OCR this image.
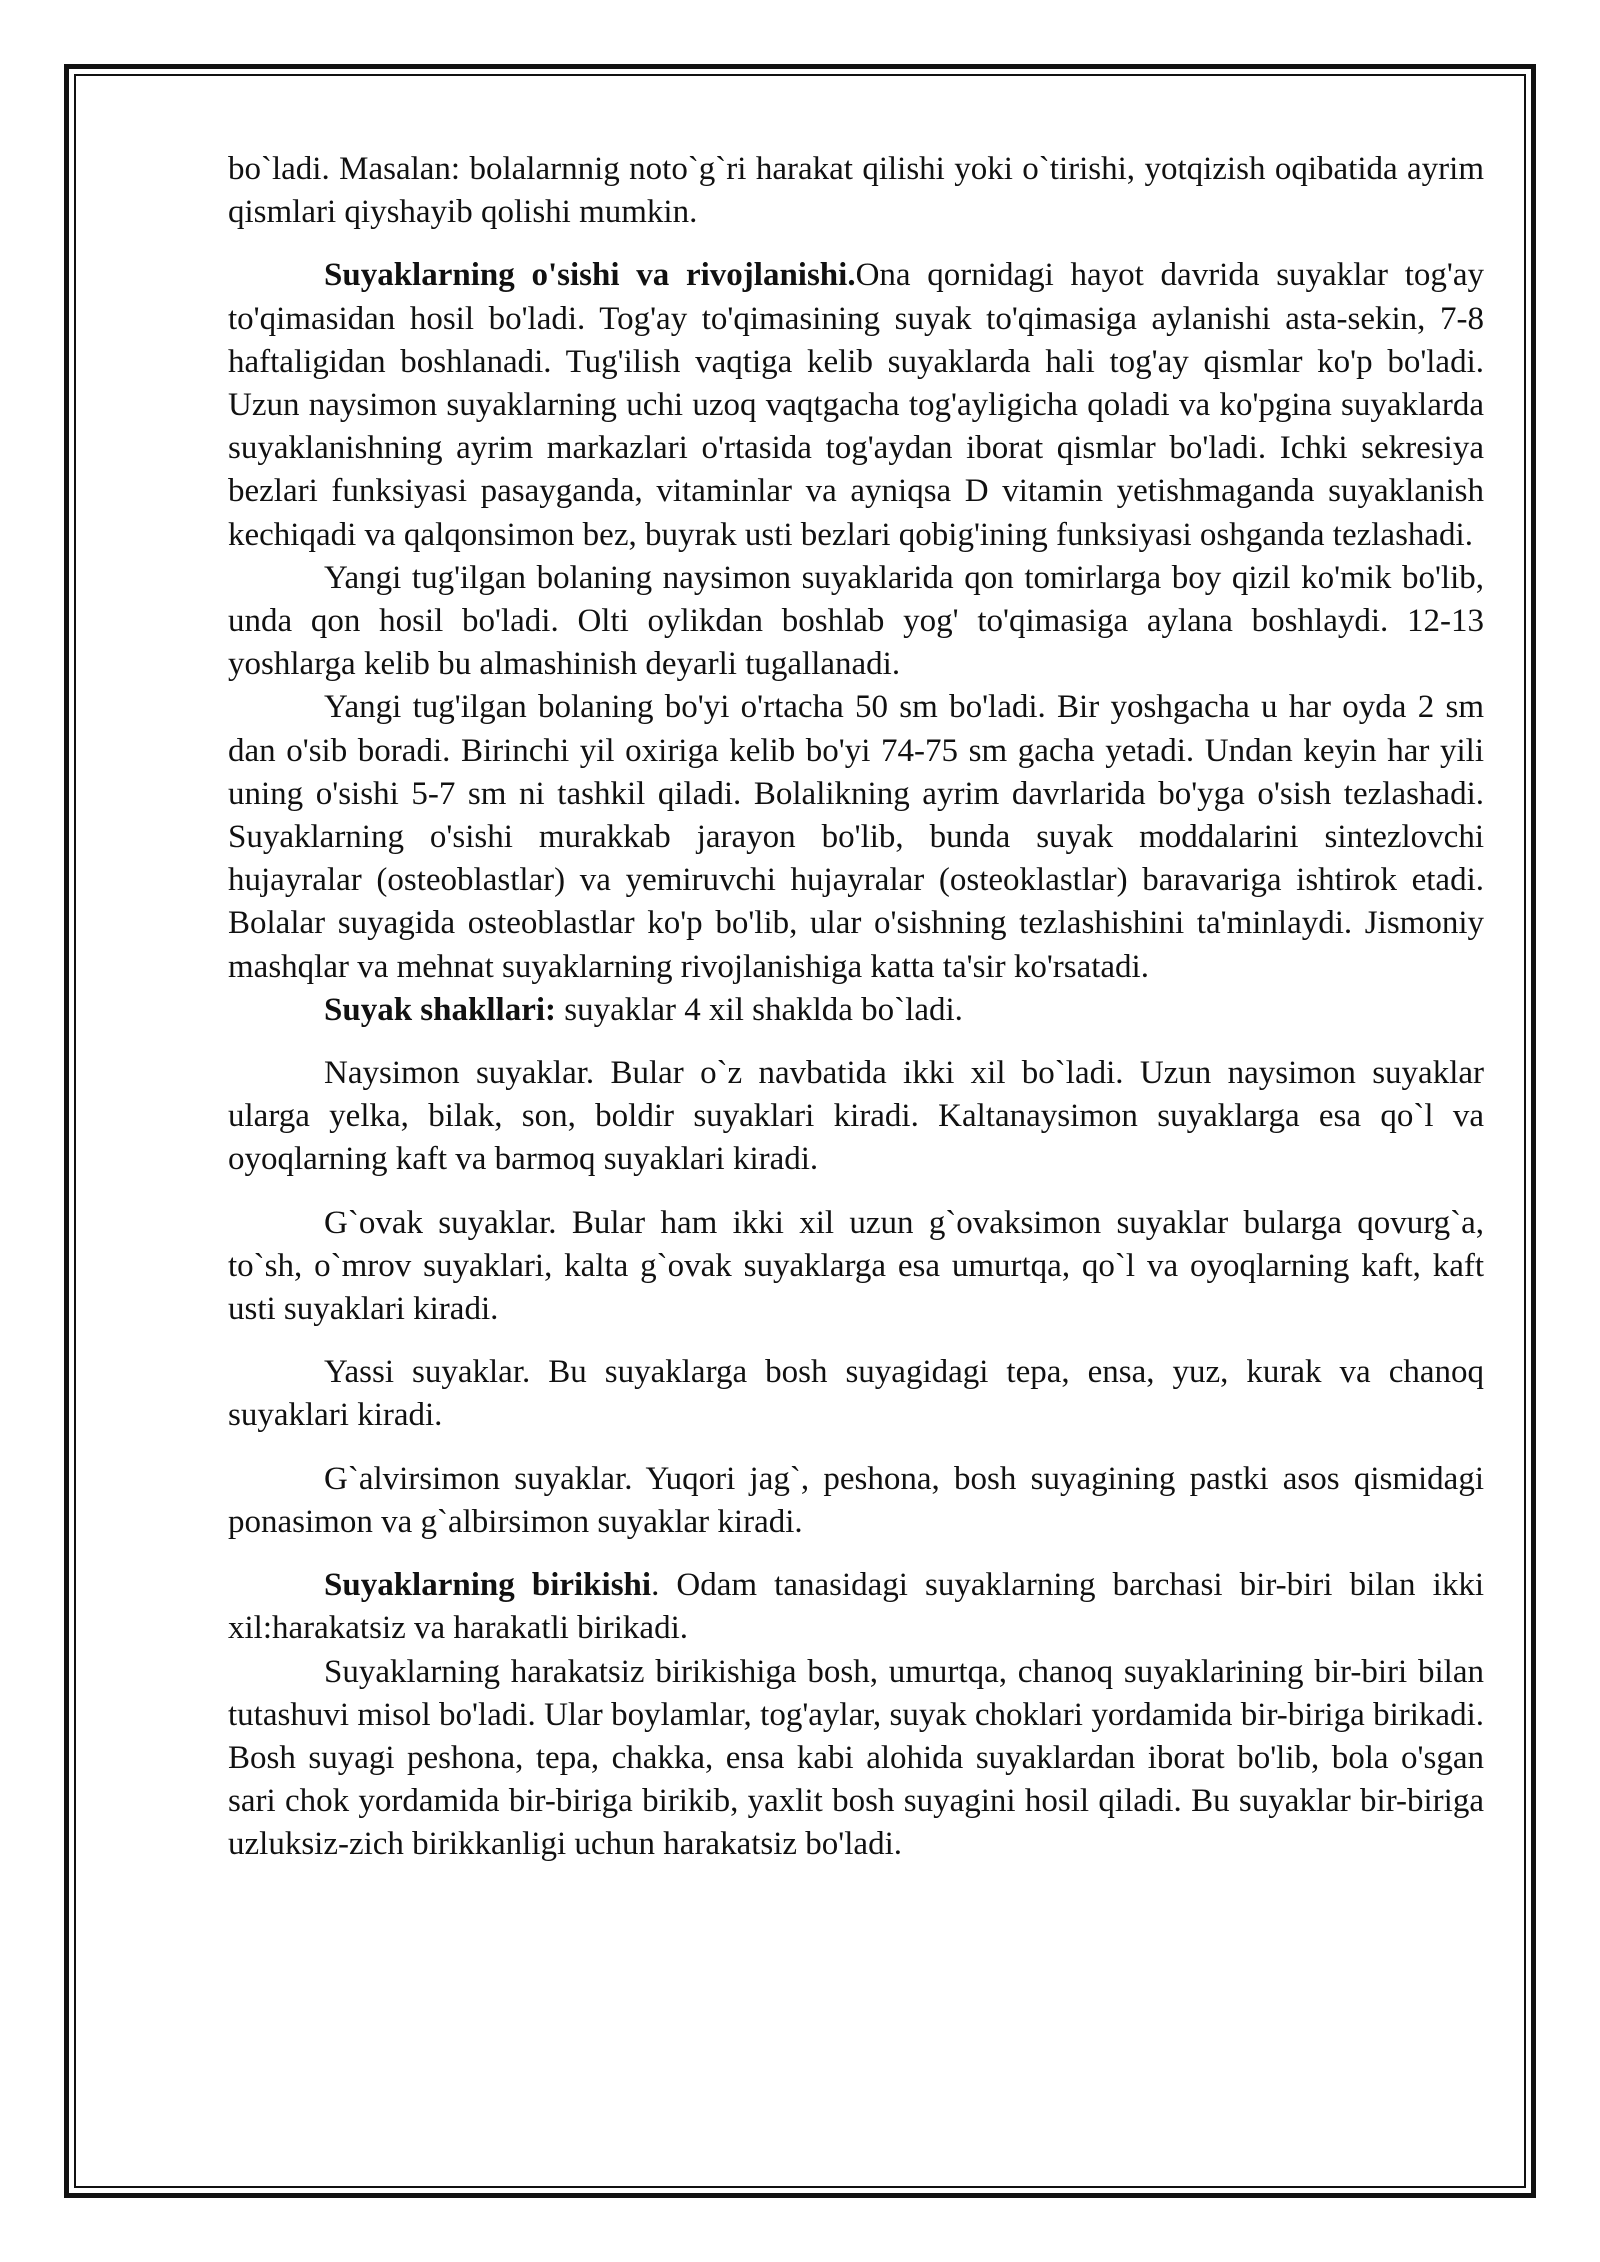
bo`ladi. Masalan: bolalarnnig noto`g`ri harakat qilishi yoki o`tirishi, yotqizish oqibatida ayrim qismlari qiyshayib qolishi mumkin.

Suyaklarning o'sishi va rivojlanishi.Ona qornidagi hayot davrida suyaklar tog'ay to'qimasidan hosil bo'ladi. Tog'ay to'qimasining suyak to'qimasiga aylanishi asta-sekin, 7-8 haftaligidan boshlanadi. Tug'ilish vaqtiga kelib suyaklarda hali tog'ay qismlar ko'p bo'ladi. Uzun naysimon suyaklarning uchi uzoq vaqtgacha tog'ayligicha qoladi va ko'pgina suyaklarda suyaklanishning ayrim markazlari o'rtasida tog'aydan iborat qismlar bo'ladi. Ichki sekresiya bezlari funksiyasi pasayganda, vitaminlar va ayniqsa D vitamin yetishmaganda suyaklanish kechiqadi va qalqonsimon bez, buyrak usti bezlari qobig'ining funksiyasi oshganda tezlashadi.

Yangi tug'ilgan bolaning naysimon suyaklarida qon tomirlarga boy qizil ko'mik bo'lib, unda qon hosil bo'ladi. Olti oylikdan boshlab yog' to'qimasiga aylana boshlaydi. 12-13 yoshlarga kelib bu almashinish deyarli tugallanadi.

Yangi tug'ilgan bolaning bo'yi o'rtacha 50 sm bo'ladi. Bir yoshgacha u har oyda 2 sm dan o'sib boradi. Birinchi yil oxiriga kelib bo'yi 74-75 sm gacha yetadi. Undan keyin har yili uning o'sishi 5-7 sm ni tashkil qiladi. Bolalikning ayrim davrlarida bo'yga o'sish tezlashadi. Suyaklarning o'sishi murakkab jarayon bo'lib, bunda suyak moddalarini sintezlovchi hujayralar (osteoblastlar) va yemiruvchi hujayralar (osteoklastlar) baravariga ishtirok etadi. Bolalar suyagida osteoblastlar ko'p bo'lib, ular o'sishning tezlashishini ta'minlaydi. Jismoniy mashqlar va mehnat suyaklarning rivojlanishiga katta ta'sir ko'rsatadi.

Suyak shakllari: suyaklar 4 xil shaklda bo`ladi.

Naysimon suyaklar. Bular o`z navbatida ikki xil bo`ladi. Uzun naysimon suyaklar ularga yelka, bilak, son, boldir suyaklari kiradi. Kaltanaysimon suyaklarga esa qo`l va oyoqlarning kaft va barmoq suyaklari kiradi.

G`ovak suyaklar. Bular ham ikki xil uzun g`ovaksimon suyaklar bularga qovurg`a, to`sh, o`mrov suyaklari, kalta g`ovak suyaklarga esa umurtqa, qo`l va oyoqlarning kaft, kaft usti suyaklari kiradi.

Yassi suyaklar. Bu suyaklarga bosh suyagidagi tepa, ensa, yuz, kurak va chanoq suyaklari kiradi.

G`alvirsimon suyaklar. Yuqori jag`, peshona, bosh suyagining pastki asos qismidagi ponasimon va g`albirsimon suyaklar kiradi.

Suyaklarning birikishi. Odam tanasidagi suyaklarning barchasi bir-biri bilan ikki xil:harakatsiz va harakatli birikadi.

Suyaklarning harakatsiz birikishiga bosh, umurtqa, chanoq suyaklarining bir-biri bilan tutashuvi misol bo'ladi. Ular boylamlar, tog'aylar, suyak choklari yordamida bir-biriga birikadi. Bosh suyagi peshona, tepa, chakka, ensa kabi alohida suyaklardan iborat bo'lib, bola o'sgan sari chok yordamida bir-biriga birikib, yaxlit bosh suyagini hosil qiladi. Bu suyaklar bir-biriga uzluksiz-zich birikkanligi uchun harakatsiz bo'ladi.
